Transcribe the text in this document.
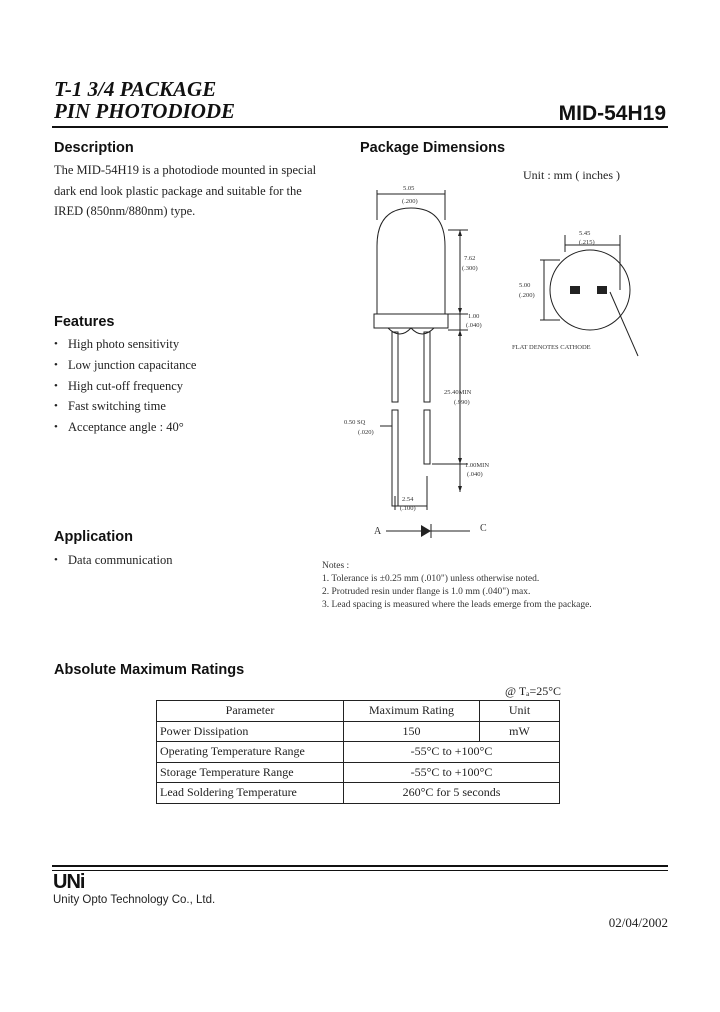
T-1 3/4 PACKAGE
PIN PHOTODIODE	MID-54H19
Description
The MID-54H19 is a photodiode mounted in special
dark end look plastic package and suitable for the
IRED (850nm/880nm) type.
Features
• High photo sensitivity
• Low junction capacitance
• High cut-off frequency
• Fast switching time
• Acceptance angle : 40°
Application
• Data communication
Package Dimensions
Unit : mm ( inches )
5.05
(.200)
7.62
(.300)
1.00
(.040)
25.40MIN
(.990)
1.00MIN
(.040)
2.54
(.100)
0.50 SQ
(.020)
5.45
(.215)
5.00
(.200)
FLAT DENOTES CATHODE
A	C
Notes :
1. Tolerance is ±0.25 mm (.010") unless otherwise noted.
2. Protruded resin under flange is 1.0 mm (.040") max.
3. Lead spacing is measured where the leads emerge from the package.
Absolute Maximum Ratings
@ Tₐ=25°C
Parameter	Maximum Rating	Unit
Power Dissipation	150	mW
Operating Temperature Range	-55°C to +100°C	
Storage Temperature Range	-55°C to +100°C	
Lead Soldering Temperature	260°C for 5 seconds	
UNi
Unity Opto Technology Co., Ltd.
02/04/2002
